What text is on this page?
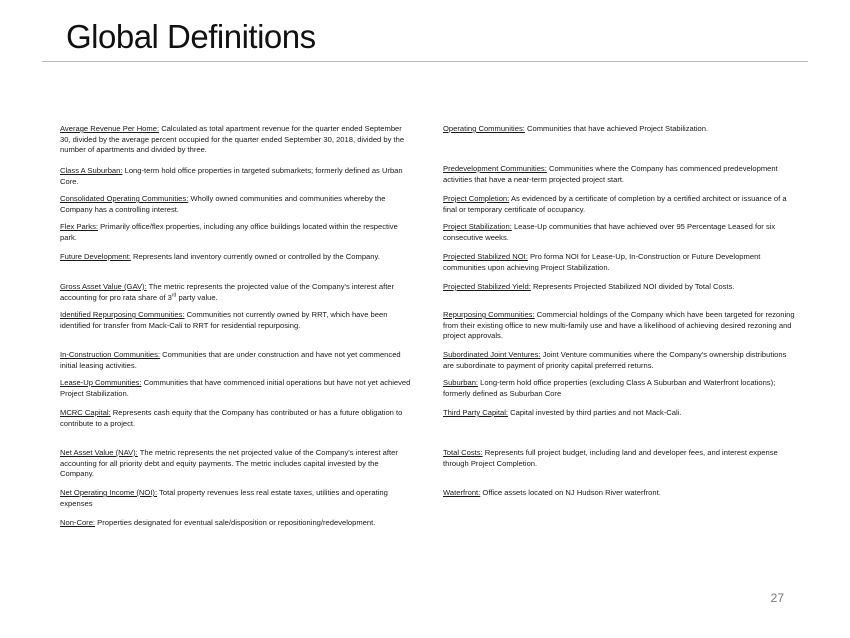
Global Definitions
Average Revenue Per Home: Calculated as total apartment revenue for the quarter ended September 30, divided by the average percent occupied for the quarter ended September 30, 2018, divided by the number of apartments and divided by three.
Class A Suburban: Long-term hold office properties in targeted submarkets; formerly defined as Urban Core.
Consolidated Operating Communities: Wholly owned communities and communities whereby the Company has a controlling interest.
Flex Parks: Primarily office/flex properties, including any office buildings located within the respective park.
Future Development: Represents land inventory currently owned or controlled by the Company.
Gross Asset Value (GAV): The metric represents the projected value of the Company's interest after accounting for pro rata share of 3rd party value.
Identified Repurposing Communities: Communities not currently owned by RRT, which have been identified for transfer from Mack-Cali to RRT for residential repurposing.
In-Construction Communities: Communities that are under construction and have not yet commenced initial leasing activities.
Lease-Up Communities: Communities that have commenced initial operations but have not yet achieved Project Stabilization.
MCRC Capital: Represents cash equity that the Company has contributed or has a future obligation to contribute to a project.
Net Asset Value (NAV): The metric represents the net projected value of the Company's interest after accounting for all priority debt and equity payments. The metric includes capital invested by the Company.
Net Operating Income (NOI): Total property revenues less real estate taxes, utilities and operating expenses
Non-Core: Properties designated for eventual sale/disposition or repositioning/redevelopment.
Operating Communities: Communities that have achieved Project Stabilization.
Predevelopment Communities: Communities where the Company has commenced predevelopment activities that have a near-term projected project start.
Project Completion: As evidenced by a certificate of completion by a certified architect or issuance of a final or temporary certificate of occupancy.
Project Stabilization: Lease-Up communities that have achieved over 95 Percentage Leased for six consecutive weeks.
Projected Stabilized NOI: Pro forma NOI for Lease-Up, In-Construction or Future Development communities upon achieving Project Stabilization.
Projected Stabilized Yield: Represents Projected Stabilized NOI divided by Total Costs.
Repurposing Communities: Commercial holdings of the Company which have been targeted for rezoning from their existing office to new multi-family use and have a likelihood of achieving desired rezoning and project approvals.
Subordinated Joint Ventures: Joint Venture communities where the Company's ownership distributions are subordinate to payment of priority capital preferred returns.
Suburban: Long-term hold office properties (excluding Class A Suburban and Waterfront locations); formerly defined as Suburban Core
Third Party Capital: Capital invested by third parties and not Mack-Cali.
Total Costs: Represents full project budget, including land and developer fees, and interest expense through Project Completion.
Waterfront: Office assets located on NJ Hudson River waterfront.
27
